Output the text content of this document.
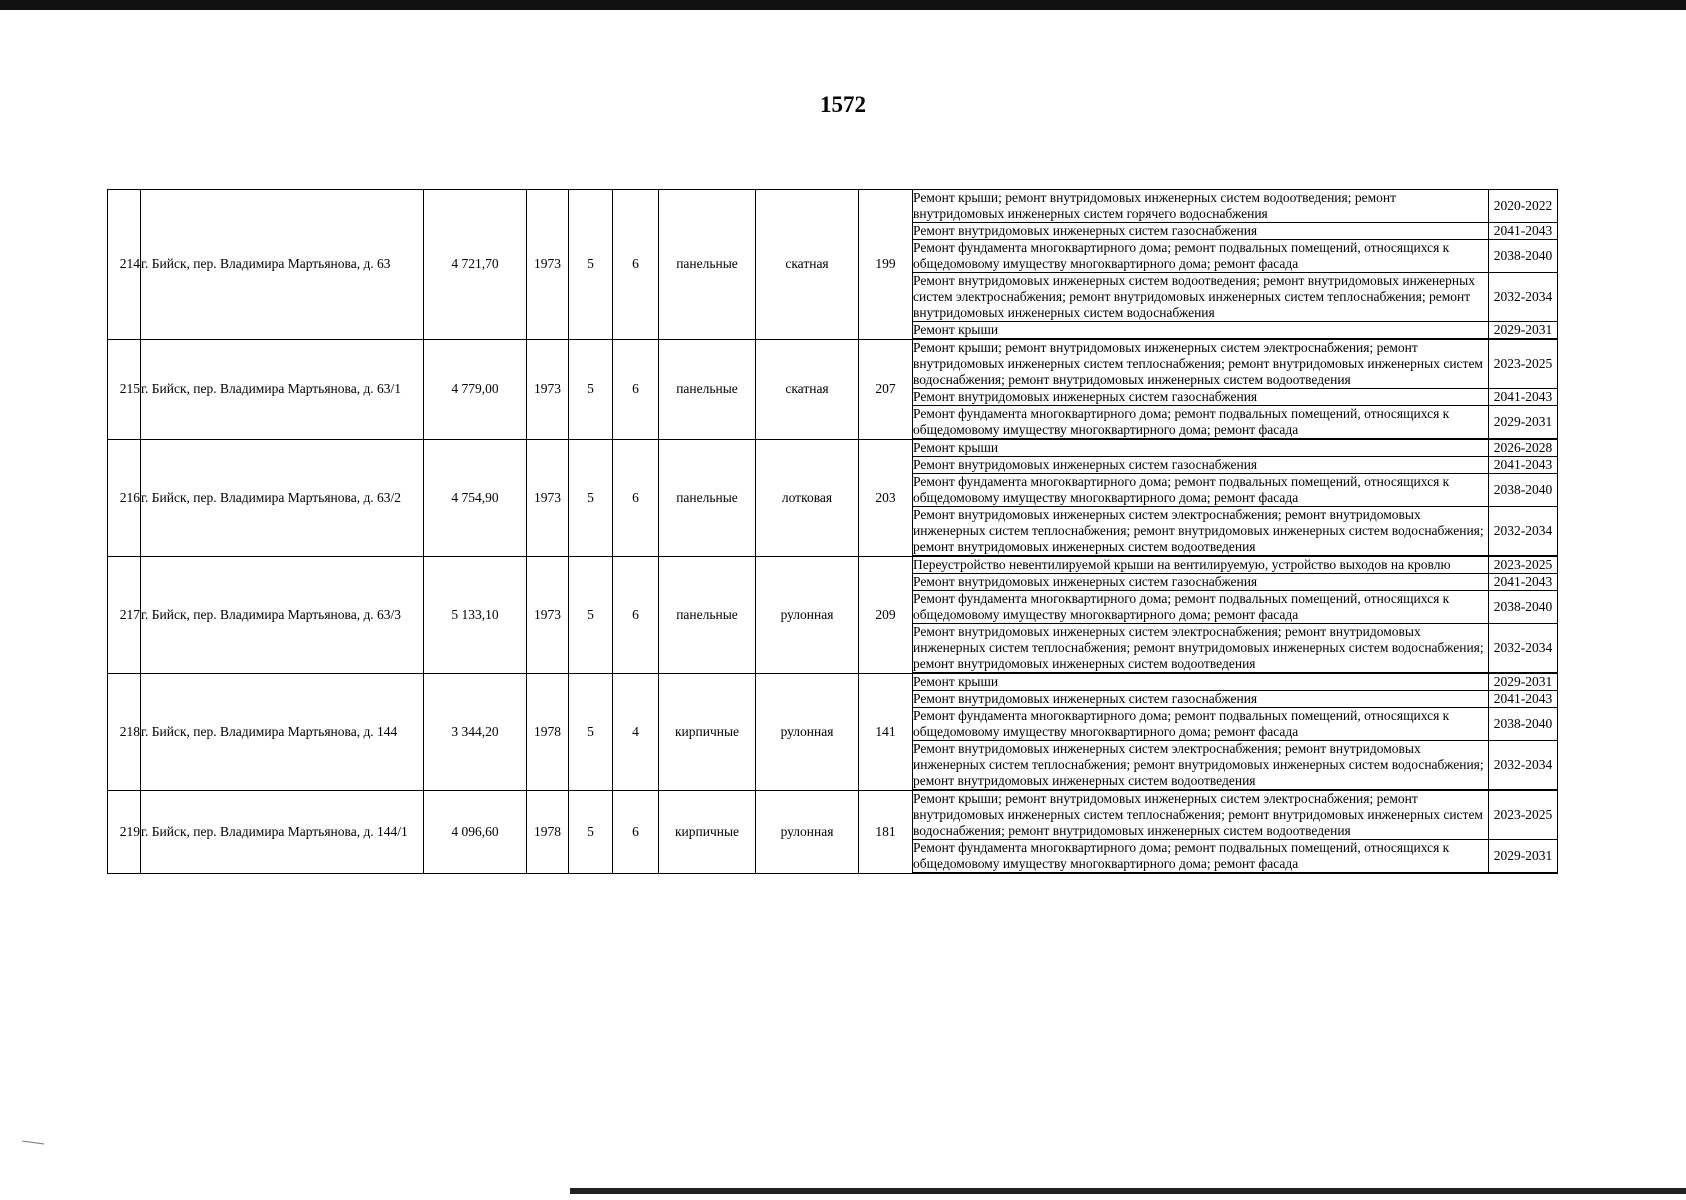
1572
214	г. Бийск, пер. Владимира Мартьянова, д. 63	4 721,70	1973	5	6	панельные	скатная	199	Ремонт крыши; ремонт внутридомовых инженерных систем водоотведения; ремонт внутридомовых инженерных систем горячего водоснабжения	2020-2022
									Ремонт внутридомовых инженерных систем газоснабжения	2041-2043
									Ремонт фундамента многоквартирного дома; ремонт подвальных помещений, относящихся к общедомовому имуществу многоквартирного дома; ремонт фасада	2038-2040
									Ремонт внутридомовых инженерных систем водоотведения; ремонт внутридомовых инженерных систем электроснабжения; ремонт внутридомовых инженерных систем теплоснабжения; ремонт внутридомовых инженерных систем водоснабжения	2032-2034
									Ремонт крыши	2029-2031
215	г. Бийск, пер. Владимира Мартьянова, д. 63/1	4 779,00	1973	5	6	панельные	скатная	207	Ремонт крыши; ремонт внутридомовых инженерных систем электроснабжения; ремонт внутридомовых инженерных систем теплоснабжения; ремонт внутридомовых инженерных систем водоснабжения; ремонт внутридомовых инженерных систем водоотведения	2023-2025
									Ремонт внутридомовых инженерных систем газоснабжения	2041-2043
									Ремонт фундамента многоквартирного дома; ремонт подвальных помещений, относящихся к общедомовому имуществу многоквартирного дома; ремонт фасада	2029-2031
216	г. Бийск, пер. Владимира Мартьянова, д. 63/2	4 754,90	1973	5	6	панельные	лотковая	203	Ремонт крыши	2026-2028
									Ремонт внутридомовых инженерных систем газоснабжения	2041-2043
									Ремонт фундамента многоквартирного дома; ремонт подвальных помещений, относящихся к общедомовому имуществу многоквартирного дома; ремонт фасада	2038-2040
									Ремонт внутридомовых инженерных систем электроснабжения; ремонт внутридомовых инженерных систем теплоснабжения; ремонт внутридомовых инженерных систем водоснабжения; ремонт внутридомовых инженерных систем водоотведения	2032-2034
217	г. Бийск, пер. Владимира Мартьянова, д. 63/3	5 133,10	1973	5	6	панельные	рулонная	209	Переустройство невентилируемой крыши на вентилируемую, устройство выходов на кровлю	2023-2025
									Ремонт внутридомовых инженерных систем газоснабжения	2041-2043
									Ремонт фундамента многоквартирного дома; ремонт подвальных помещений, относящихся к общедомовому имуществу многоквартирного дома; ремонт фасада	2038-2040
									Ремонт внутридомовых инженерных систем электроснабжения; ремонт внутридомовых инженерных систем теплоснабжения; ремонт внутридомовых инженерных систем водоснабжения; ремонт внутридомовых инженерных систем водоотведения	2032-2034
218	г. Бийск, пер. Владимира Мартьянова, д. 144	3 344,20	1978	5	4	кирпичные	рулонная	141	Ремонт крыши	2029-2031
									Ремонт внутридомовых инженерных систем газоснабжения	2041-2043
									Ремонт фундамента многоквартирного дома; ремонт подвальных помещений, относящихся к общедомовому имуществу многоквартирного дома; ремонт фасада	2038-2040
									Ремонт внутридомовых инженерных систем электроснабжения; ремонт внутридомовых инженерных систем теплоснабжения; ремонт внутридомовых инженерных систем водоснабжения; ремонт внутридомовых инженерных систем водоотведения	2032-2034
219	г. Бийск, пер. Владимира Мартьянова, д. 144/1	4 096,60	1978	5	6	кирпичные	рулонная	181	Ремонт крыши; ремонт внутридомовых инженерных систем электроснабжения; ремонт внутридомовых инженерных систем теплоснабжения; ремонт внутридомовых инженерных систем водоснабжения; ремонт внутридомовых инженерных систем водоотведения	2023-2025
									Ремонт фундамента многоквартирного дома; ремонт подвальных помещений, относящихся к общедомовому имуществу многоквартирного дома; ремонт фасада	2029-2031
